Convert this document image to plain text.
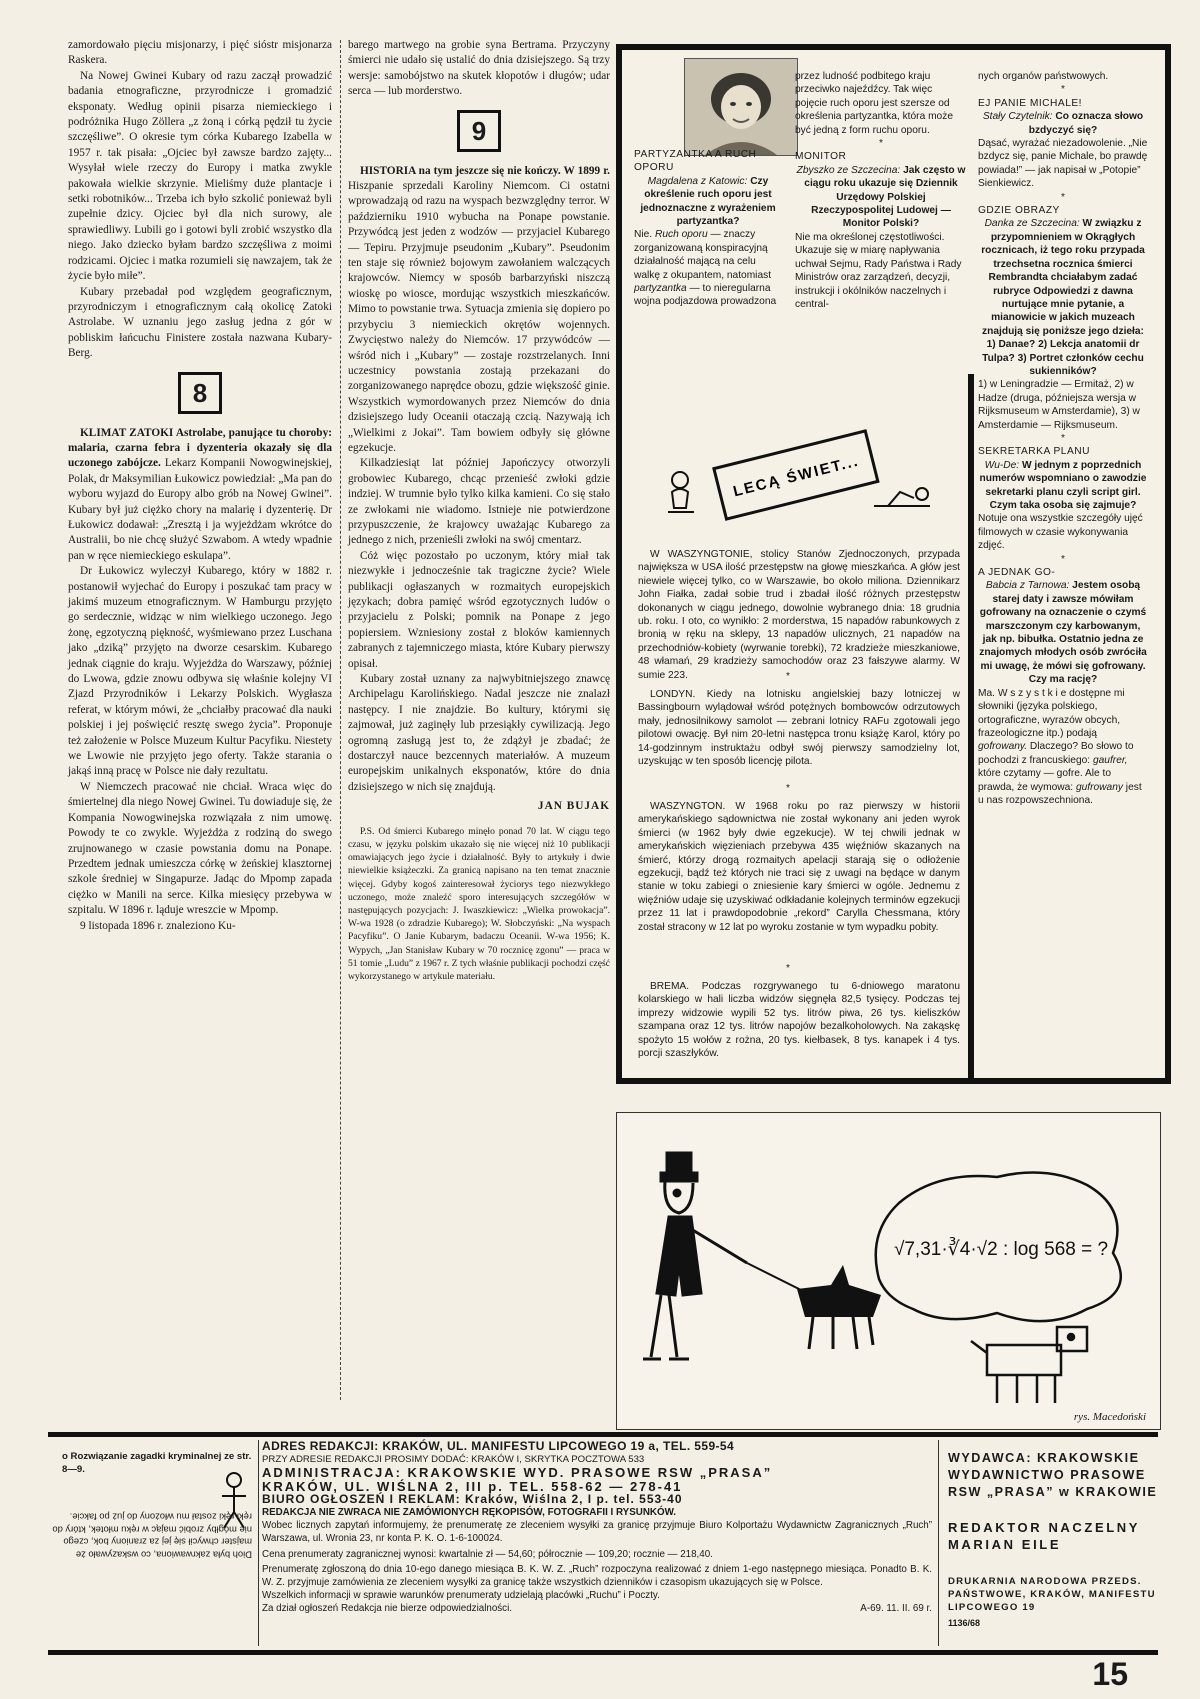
zamordowało pięciu misjonarzy, i pięć sióstr misjonarza Raskera.

Na Nowej Gwinei Kubary od razu zaczął prowadzić badania etnograficzne, przyrodnicze i gromadzić eksponaty. Według opinii pisarza niemieckiego i podróżnika Hugo Zöllera „z żoną i córką pędził tu życie szczęśliwe”. O okresie tym córka Kubarego Izabella w 1957 r. tak pisała: „Ojciec był zawsze bardzo zajęty... Wysyłał wiele rzeczy do Europy i matka zwykle pakowała wielkie skrzynie. Mieliśmy duże plantacje i setki robotników... Trzeba ich było szkolić ponieważ byli zupełnie dzicy. Ojciec był dla nich surowy, ale sprawiedliwy. Lubili go i gotowi byli zrobić wszystko dla niego. Jako dziecko byłam bardzo szczęśliwa z moimi rodzicami. Ojciec i matka rozumieli się nawzajem, tak że życie było miłe”.

Kubary przebadał pod względem geograficznym, przyrodniczym i etnograficznym całą okolicę Zatoki Astrolabe. W uznaniu jego zasług jedna z gór w pobliskim łańcuchu Finistere została nazwana Kubary-Berg.

8

KLIMAT ZATOKI Astrolabe, panujące tu choroby: malaria, czarna febra i dyzenteria okazały się dla uczonego zabójcze. Lekarz Kompanii Nowogwinejskiej, Polak, dr Maksymilian Łukowicz powiedział: „Ma pan do wyboru wyjazd do Europy albo grób na Nowej Gwinei”. Kubary był już ciężko chory na malarię i dyzenterię. Dr Łukowicz dodawał: „Zresztą i ja wyjeżdżam wkrótce do Australii, bo nie chcę służyć Szwabom. A wtedy wpadnie pan w ręce niemieckiego eskulapa”.

Dr Łukowicz wyleczył Kubarego, który w 1882 r. postanowił wyjechać do Europy i poszukać tam pracy w jakimś muzeum etnograficznym. W Hamburgu przyjęto go serdecznie, widząc w nim wielkiego uczonego. Jego żonę, egzotyczną piękność, wyśmiewano przez Luschana jako „dziką” przyjęto na dworze cesarskim. Kubarego jednak ciągnie do kraju. Wyjeżdża do Warszawy, później do Lwowa, gdzie znowu odbywa się właśnie kolejny VI Zjazd Przyrodników i Lekarzy Polskich. Wygłasza referat, w którym mówi, że „chciałby pracować dla nauki polskiej i jej poświęcić resztę swego życia”. Proponuje też założenie w Polsce Muzeum Kultur Pacyfiku. Niestety we Lwowie nie przyjęto jego oferty. Także starania o jakąś inną pracę w Polsce nie dały rezultatu.

W Niemczech pracować nie chciał. Wraca więc do śmiertelnej dla niego Nowej Gwinei. Tu dowiaduje się, że Kompania Nowogwinejska rozwiązała z nim umowę. Powody te co zwykle. Wyjeżdża z rodziną do swego zrujnowanego w czasie powstania domu na Ponape. Przedtem jednak umieszcza córkę w żeńskiej klasztornej szkole średniej w Singapurze. Jadąc do Mpomp zapada ciężko w Manili na serce. Kilka miesięcy przebywa w szpitalu. W 1896 r. ląduje wreszcie w Mpomp.

9 listopada 1896 r. znaleziono Ku-

barego martwego na grobie syna Bertrama. Przyczyny śmierci nie udało się ustalić do dnia dzisiejszego. Są trzy wersje: samobójstwo na skutek kłopotów i długów; udar serca — lub morderstwo.

9

HISTORIA na tym jeszcze się nie kończy. W 1899 r. Hiszpanie sprzedali Karoliny Niemcom. Ci ostatni wprowadzają od razu na wyspach bezwzględny terror. W październiku 1910 wybucha na Ponape powstanie. Przywódcą jest jeden z wodzów — przyjaciel Kubarego — Tepiru. Przyjmuje pseudonim „Kubary”. Pseudonim ten staje się również bojowym zawołaniem walczących krajowców. Niemcy w sposób barbarzyński niszczą wioskę po wiosce, mordując wszystkich mieszkańców. Mimo to powstanie trwa. Sytuacja zmienia się dopiero po przybyciu 3 niemieckich okrętów wojennych. Zwycięstwo należy do Niemców. 17 przywódców — wśród nich i „Kubary” — zostaje rozstrzelanych. Inni uczestnicy powstania zostają przekazani do zorganizowanego naprędce obozu, gdzie większość ginie. Wszystkich wymordowanych przez Niemców do dnia dzisiejszego ludy Oceanii otaczają czcią. Nazywają ich „Wielkimi z Jokai”. Tam bowiem odbyły się główne egzekucje.

Kilkadziesiąt lat później Japończycy otworzyli grobowiec Kubarego, chcąc przenieść zwłoki gdzie indziej. W trumnie było tylko kilka kamieni. Co się stało ze zwłokami nie wiadomo. Istnieje nie potwierdzone przypuszczenie, że krajowcy uważając Kubarego za jednego z nich, przenieśli zwłoki na swój cmentarz.

Cóż więc pozostało po uczonym, który miał tak niezwykłe i jednocześnie tak tragiczne życie? Wiele publikacji ogłaszanych w rozmaitych europejskich językach; dobra pamięć wśród egzotycznych ludów o przyjacielu z Polski; pomnik na Ponape z jego popiersiem. Wzniesiony został z bloków kamiennych zabranych z tajemniczego miasta, które Kubary pierwszy opisał.

Kubary został uznany za najwybitniejszego znawcę Archipelagu Karolińskiego. Nadal jeszcze nie znalazł następcy. I nie znajdzie. Bo kultury, którymi się zajmował, już zaginęły lub przesiąkły cywilizacją. Jego ogromną zasługą jest to, że zdążył je zbadać; że dostarczył nauce bezcennych materiałów. A muzeum europejskim unikalnych eksponatów, które do dnia dzisiejszego w nich się znajdują.

JAN BUJAK

P.S. Od śmierci Kubarego minęło ponad 70 lat. W ciągu tego czasu, w języku polskim ukazało się nie więcej niż 10 publikacji omawiających jego życie i działalność. Były to artykuły i dwie niewielkie książeczki. Za granicą napisano na ten temat znacznie więcej. Gdyby kogoś zainteresował życiorys tego niezwykłego uczonego, może znaleźć sporo interesujących szczegółów w następujących pozycjach: J. Iwaszkiewicz: „Wielka prowokacja”. W-wa 1928 (o zdradzie Kubarego); W. Słobczyński: „Na wyspach Pacyfiku”. O Janie Kubarym, badaczu Oceanii. W-wa 1956; K. Wypych, „Jan Stanisław Kubary w 70 rocznicę zgonu” — praca w 51 tomie „Ludu” z 1967 r. Z tych właśnie publikacji pochodzi część wykorzystanego w artykule materiału.

PARTYZANTKA A RUCH OPORU

Magdalena z Katowic: Czy określenie ruch oporu jest jednoznaczne z wyrażeniem partyzantka?

Nie. Ruch oporu — znaczy zorganizowaną konspiracyjną działalność mającą na celu walkę z okupantem, natomiast partyzantka — to nieregularna wojna podjazdowa prowadzona

przez ludność podbitego kraju przeciwko najeźdźcy. Tak więc pojęcie ruch oporu jest szersze od określenia partyzantka, która może być jedną z form ruchu oporu.

*

MONITOR

Zbyszko ze Szczecina: Jak często w ciągu roku ukazuje się Dziennik Urzędowy Polskiej Rzeczypospolitej Ludowej — Monitor Polski?

Nie ma określonej częstotliwości. Ukazuje się w miarę napływania uchwał Sejmu, Rady Państwa i Rady Ministrów oraz zarządzeń, decyzji, instrukcji i okólników naczelnych i central-

nych organów państwowych.

*

EJ PANIE MICHALE!

Stały Czytelnik: Co oznacza słowo bzdyczyć się?

Dąsać, wyrażać niezadowolenie. „Nie bzdycz się, panie Michale, bo prawdę powiada!” — jak napisał w „Potopie” Sienkiewicz.

*

GDZIE OBRAZY

Danka ze Szczecina: W związku z przypomnieniem w Okrągłych rocznicach, iż tego roku przypada trzechsetna rocznica śmierci Rembrandta chciałabym zadać rubryce Odpowiedzi z dawna nurtujące mnie pytanie, a mianowicie w jakich muzeach znajdują się poniższe jego dzieła: 1) Danae? 2) Lekcja anatomii dr Tulpa? 3) Portret członków cechu sukienników?

1) w Leningradzie — Ermitaż, 2) w Hadze (druga, późniejsza wersja w Rijksmuseum w Amsterdamie), 3) w Amsterdamie — Rijksmuseum.

*

SEKRETARKA PLANU

Wu-De: W jednym z poprzednich numerów wspomniano o zawodzie sekretarki planu czyli script girl. Czym taka osoba się zajmuje?

Notuje ona wszystkie szczegóły ujęć filmowych w czasie wykonywania zdjęć.

*

A JEDNAK GO-

Babcia z Tarnowa: Jestem osobą starej daty i zawsze mówiłam gofrowany na oznaczenie o czymś marszczonym czy karbowanym, jak np. bibułka. Ostatnio jedna ze znajomych młodych osób zwróciła mi uwagę, że mówi się gofrowany. Czy ma rację?

Ma. W s z y s t k i e dostępne mi słowniki (języka polskiego, ortograficzne, wyrazów obcych, frazeologiczne itp.) podają gofrowany. Dlaczego? Bo słowo to pochodzi z francuskiego: gaufrer, które czytamy — gofre. Ale to prawda, że wymowa: gufrowany jest u nas rozpowszechniona.

LECĄ ŚWIET...

W WASZYNGTONIE, stolicy Stanów Zjednoczonych, przypada największa w USA ilość przestępstw na głowę mieszkańca. A głów jest niewiele więcej tylko, co w Warszawie, bo około miliona. Dziennikarz John Fiałka, zadał sobie trud i zbadał ilość różnych przestępstw dokonanych w ciągu jednego, dowolnie wybranego dnia: 18 grudnia ub. roku. I oto, co wynikło: 2 morderstwa, 15 napadów rabunkowych z bronią w ręku na sklepy, 13 napadów ulicznych, 21 napadów na przechodniów-kobiety (wyrwanie torebki), 72 kradzieże mieszkaniowe, 48 włamań, 29 kradzieży samochodów oraz 23 fałszywe alarmy. W sumie 223.	*

LONDYN. Kiedy na lotnisku angielskiej bazy lotniczej w Bassingbourn wylądował wśród potężnych bombowców odrzutowych mały, jednosilnikowy samolot — zebrani lotnicy RAFu zgotowali jego pilotowi owację. Był nim 20-letni następca tronu książę Karol, który po 14-godzinnym instruktażu odbył swój pierwszy samodzielny lot, uzyskując w ten sposób licencję pilota.

*

WASZYNGTON. W 1968 roku po raz pierwszy w historii amerykańskiego sądownictwa nie został wykonany ani jeden wyrok śmierci (w 1962 były dwie egzekucje). W tej chwili jednak w amerykańskich więzieniach przebywa 435 więźniów skazanych na śmierć, którzy drogą rozmaitych apelacji starają się o odłożenie egzekucji, bądź też których nie traci się z uwagi na będące w danym stanie w toku zabiegi o zniesienie kary śmierci w ogóle. Jednemu z więźniów udaje się uzyskiwać odkładanie kolejnych terminów egzekucji przez 11 lat i prawdopodobnie „rekord” Carylla Chessmana, który został stracony w 12 lat po wyroku zostanie w tym wypadku pobity.

*

BREMA. Podczas rozgrywanego tu 6-dniowego maratonu kolarskiego w hali liczba widzów sięgnęła 82,5 tysięcy. Podczas tej imprezy widzowie wypili 52 tys. litrów piwa, 26 tys. kieliszków szampana oraz 12 tys. litrów napojów bezalkoholowych. Na zakąskę spożyto 15 wołów z rożna, 20 tys. kiełbasek, 8 tys. kanapek i 4 tys. porcji szaszłyków.

√7,31·∛4·√2 : log 568 = ?
rys. Macedoński
o Rozwiązanie zagadki kryminalnej ze str. 8—9.
Dioh była zakrwawiona, co wskazywało że majster chwycił się jej za zraniony bok, czego nie mógłby zrobić mając w ręku młotek, który do ręki ręki został mu włożony do już po fakcie.
ADRES REDAKCJI: KRAKÓW, UL. MANIFESTU LIPCOWEGO 19 a, TEL. 559-54
PRZY ADRESIE REDAKCJI PROSIMY DODAĆ: KRAKÓW I, SKRYTKA POCZTOWA 533
ADMINISTRACJA: KRAKOWSKIE WYD. PRASOWE RSW „PRASA”
KRAKÓW, UL. WIŚLNA 2, III p. TEL. 558-62 — 278-41
BIURO OGŁOSZEŃ I REKLAM: Kraków, Wiślna 2, I p. tel. 553-40
REDAKCJA NIE ZWRACA NIE ZAMÓWIONYCH RĘKOPISÓW, FOTOGRAFII I RYSUNKÓW.
Wobec licznych zapytań informujemy, że prenumeratę ze zleceniem wysyłki za granicę przyjmuje Biuro Kolportażu Wydawnictw Zagranicznych „Ruch” Warszawa, ul. Wronia 23, nr konta P. K. O. 1-6-100024.
Cena prenumeraty zagranicznej wynosi: kwartalnie zł — 54,60; półrocznie — 109,20; rocznie — 218,40.
Prenumeratę zgłoszoną do dnia 10-ego danego miesiąca B. K. W. Z. „Ruch” rozpoczyna realizować z dniem 1-ego następnego miesiąca. Ponadto B. K. W. Z. przyjmuje zamówienia ze zleceniem wysyłki za granicę także wszystkich dzienników i czasopism ukazujących się w Polsce.
Wszelkich informacji w sprawie warunków prenumeraty udzielają placówki „Ruchu” i Poczty.
Za dział ogłoszeń Redakcja nie bierze odpowiedzialności.	A-69. 11. II. 69 r.
WYDAWCA: KRAKOWSKIE WYDAWNICTWO PRASOWE RSW „PRASA” w KRAKOWIE
REDAKTOR NACZELNY MARIAN EILE
DRUKARNIA NARODOWA PRZEDS. PAŃSTWOWE, KRAKÓW, MANIFESTU LIPCOWEGO 19
1136/68
15
